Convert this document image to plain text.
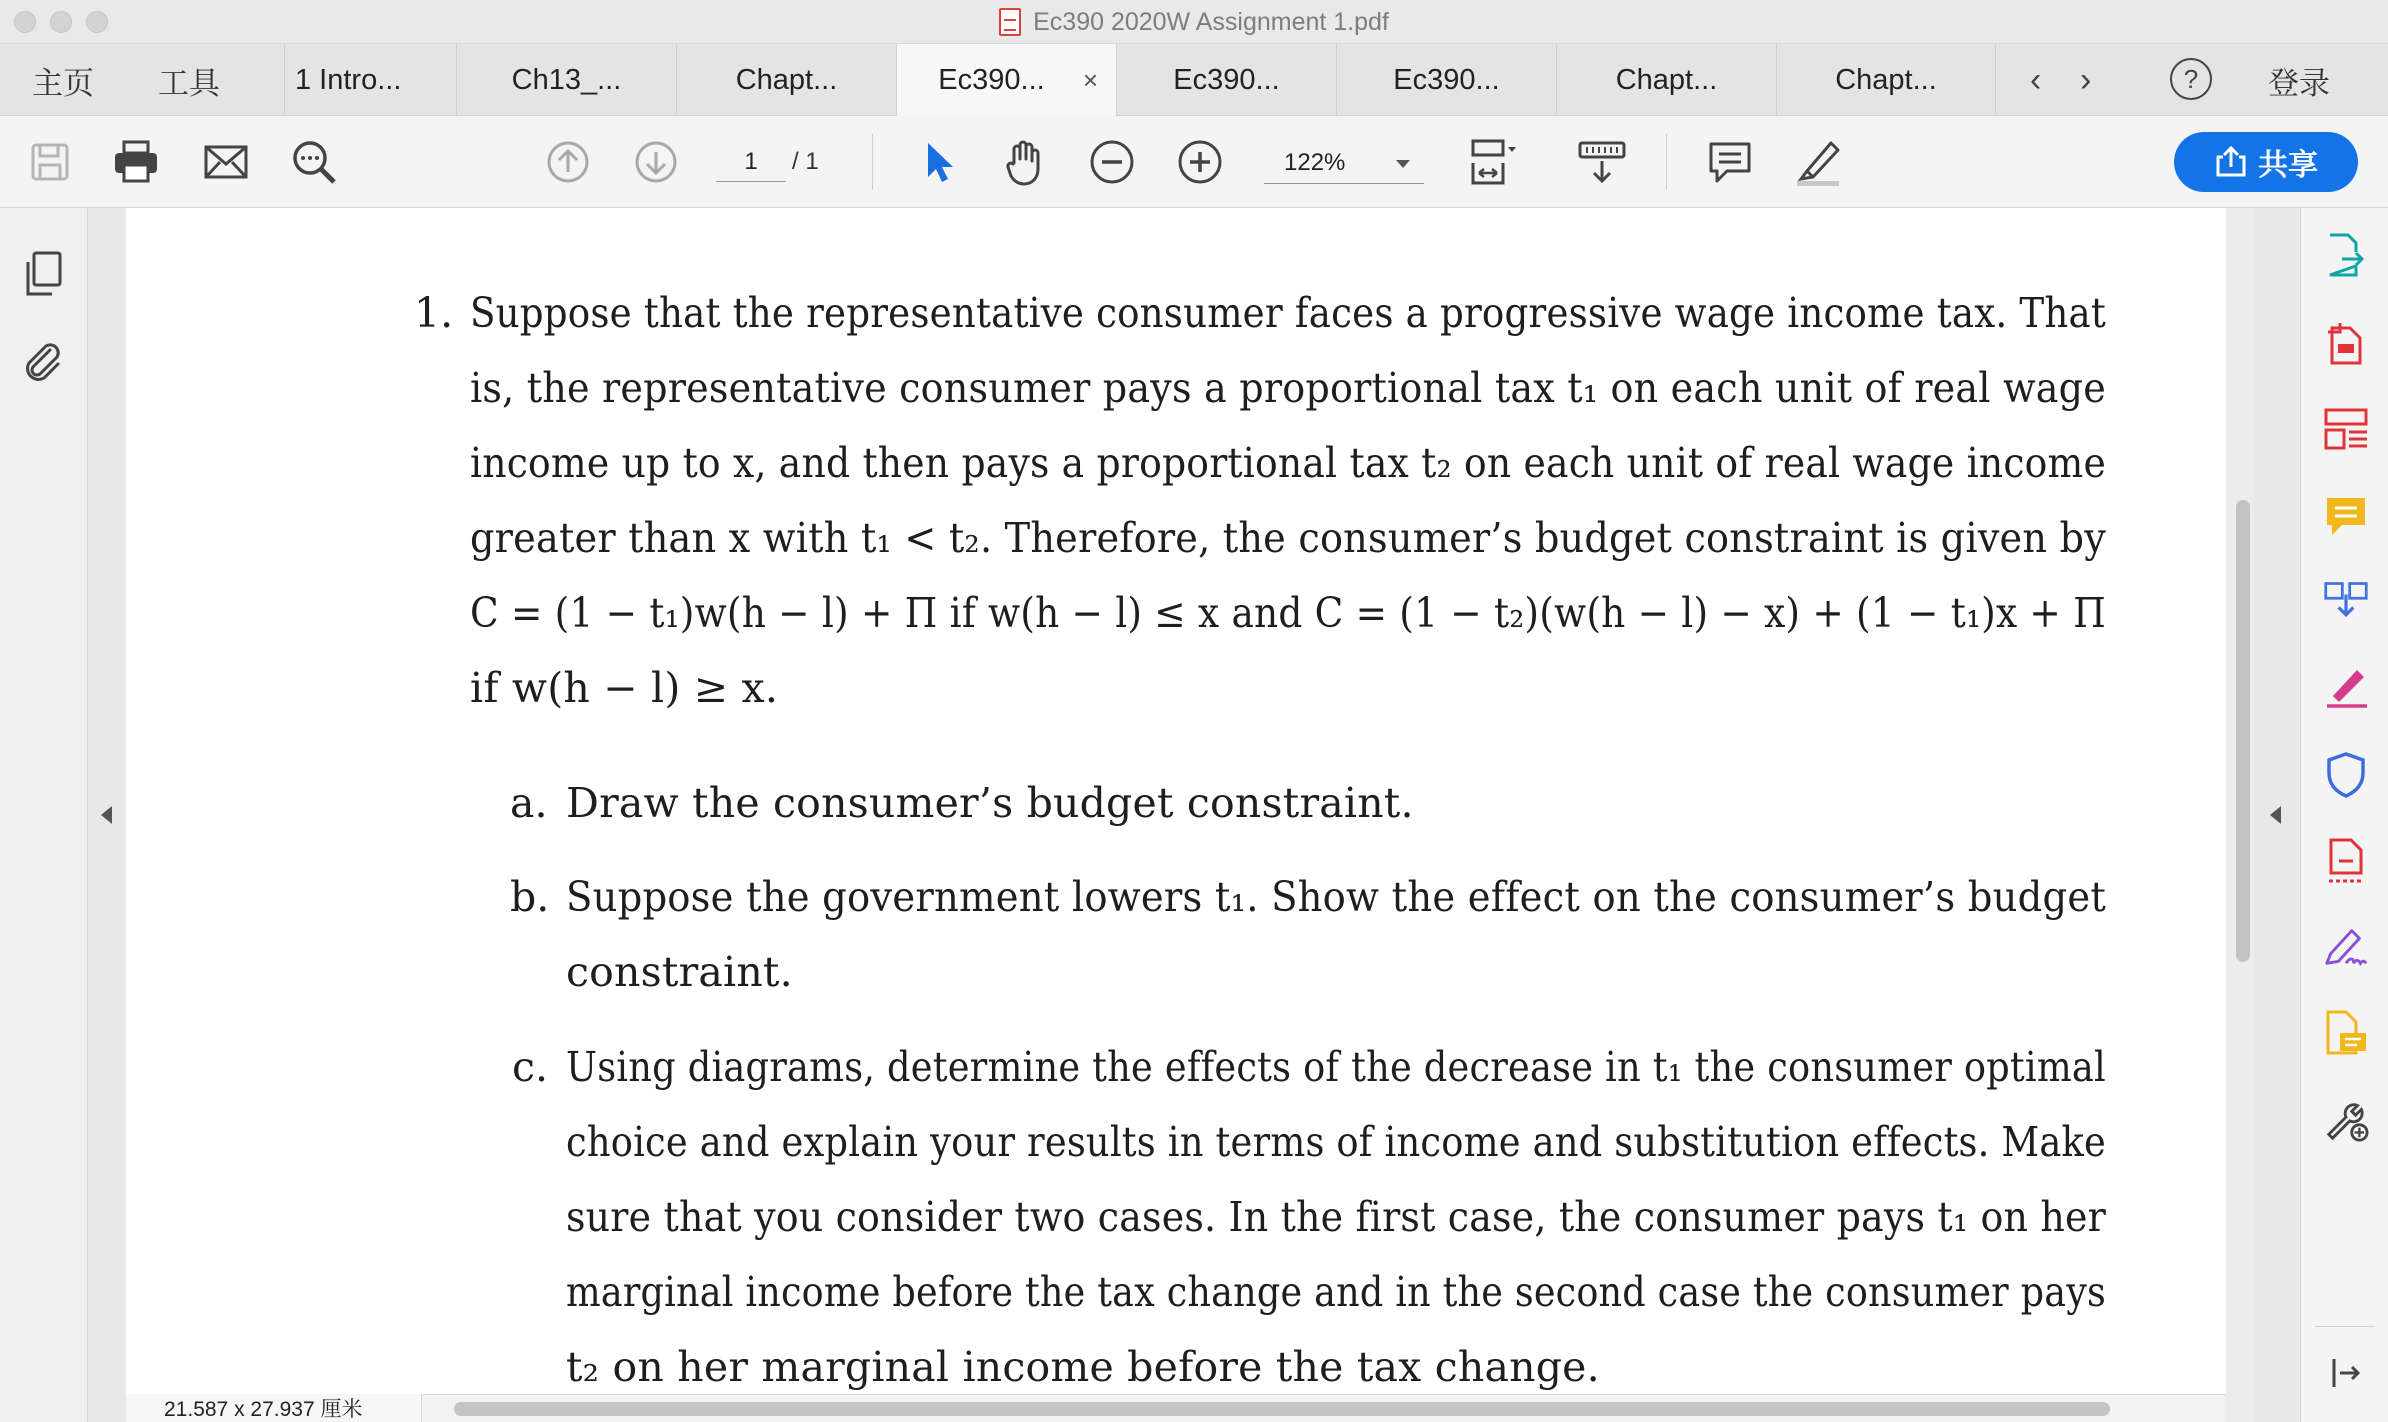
Ec390 2020W Assignment 1.pdf
主页 工具	1 Intro...	Ch13_...	Chapt...	Ec390... ×	Ec390...	Ec390...	Chapt...	Chapt...	‹ ›	?	登录
1	/ 1	122%	共享
1. Suppose that the representative consumer faces a progressive wage income tax. That

is, the representative consumer pays a proportional tax t₁ on each unit of real wage

income up to x, and then pays a proportional tax t₂ on each unit of real wage income

greater than x with t₁ < t₂. Therefore, the consumer’s budget constraint is given by

C = (1 − t₁)w(h − l) + Π if w(h − l) ≤ x and C = (1 − t₂)(w(h − l) − x) + (1 − t₁)x + Π

if w(h − l) ≥ x.

a. Draw the consumer’s budget constraint.

b. Suppose the government lowers t₁. Show the effect on the consumer’s budget

constraint.

c. Using diagrams, determine the effects of the decrease in t₁ the consumer optimal

choice and explain your results in terms of income and substitution effects. Make

sure that you consider two cases. In the first case, the consumer pays t₁ on her

marginal income before the tax change and in the second case the consumer pays

t₂ on her marginal income before the tax change.

21.587 x 27.937 厘米
